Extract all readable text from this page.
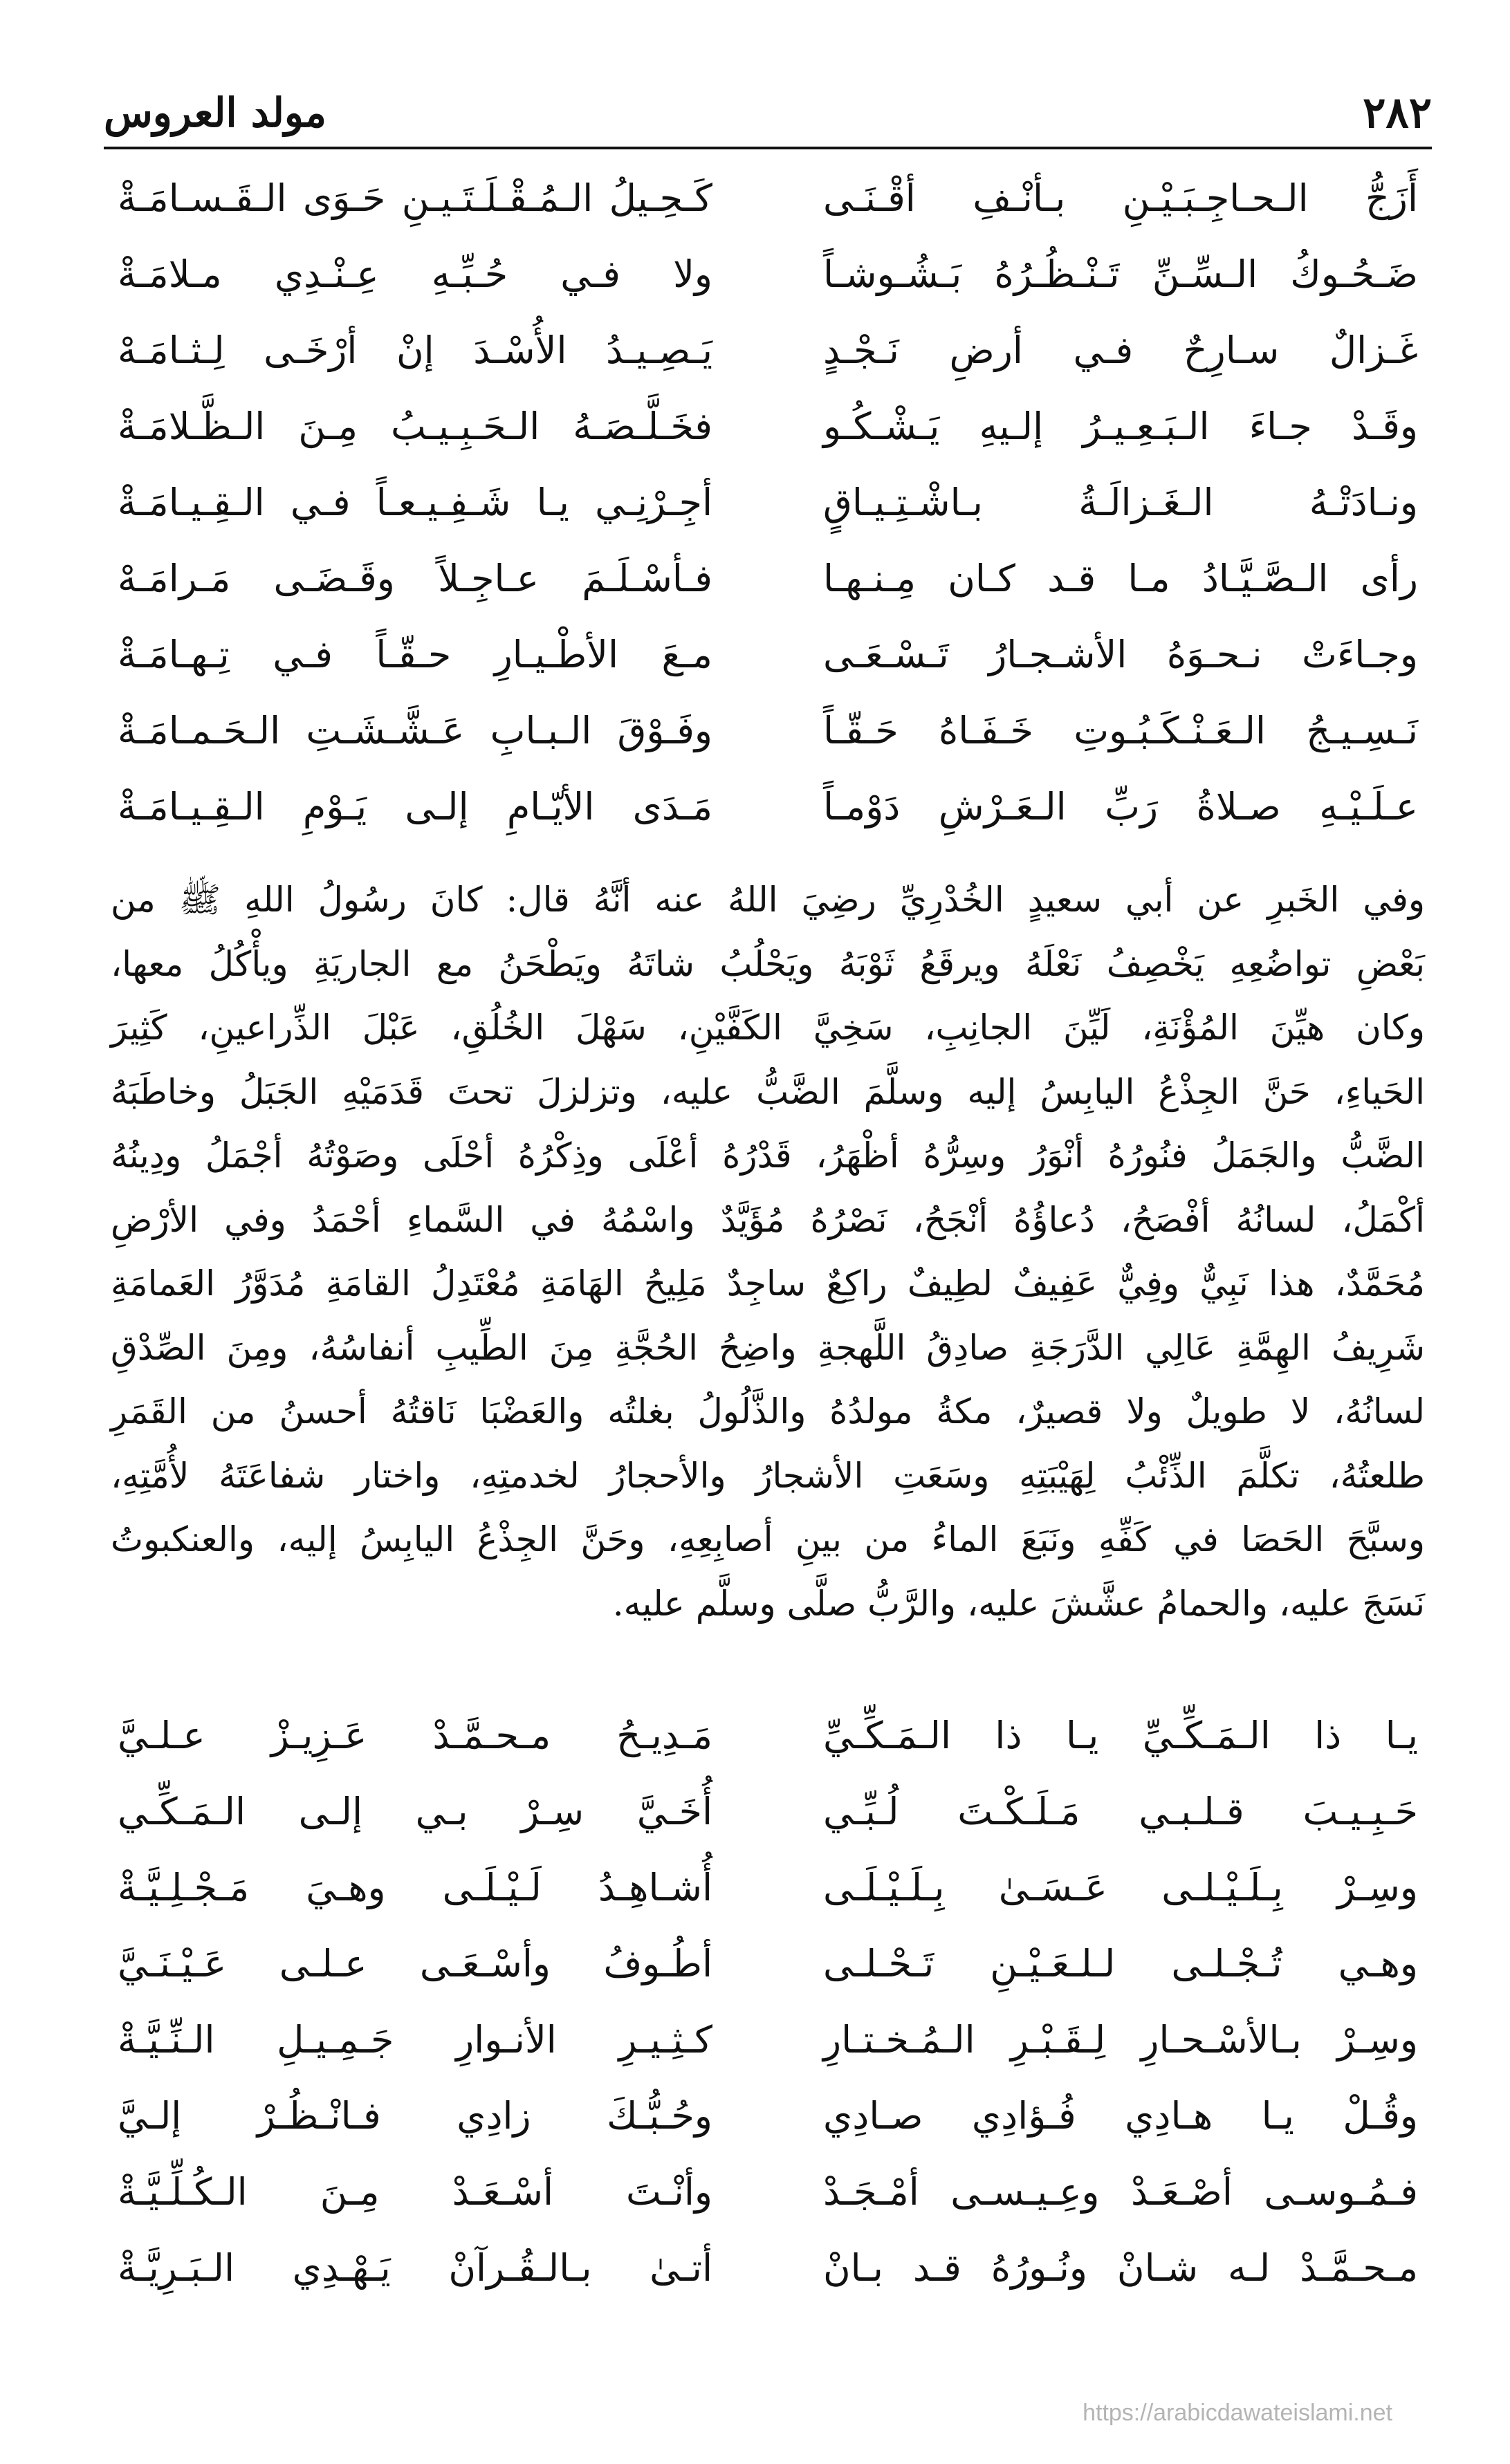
٢٨٢
مولد العروس
أَزَجُّ الـحـاجِـبَـيْـنِ بـأنْـفِ أقْـنَـى
كَـحِـيلُ الـمُـقْـلَـتَـيـنِ حَـوَى الـقَـسـامَـةْ
ضَـحُـوكُ الـسِّـنِّ تَـنْـظُـرُهُ بَـشُـوشـاً
ولا فـي حُـبِّـهِ عِـنْـدِي مـلامَـةْ
غَـزالٌ سـارِحٌ فـي أرضِ نَـجْـدٍ
يَـصِـيـدُ الأُسْـدَ إنْ أرْخَـى لِـثـامَـهْ
وقَـدْ جـاءَ الـبَـعِـيـرُ إلـيهِ يَـشْـكُـو
فخَـلَّـصَـهُ الـحَـبِـيـبُ مِـنَ الـظَّـلامَـةْ
ونـادَتْـهُ الـغَـزالَـةُ بـاشْـتِـيـاقٍ
أجِـرْنِـي يـا شَـفِـيـعـاً فـي الـقِـيـامَـةْ
رأى الـصَّـيَّـادُ مـا قـد كـان مِـنـهـا
فـأسْـلَـمَ عـاجِـلاً وقَـضَـى مَـرامَـهْ
وجـاءَتْ نـحـوَهُ الأشـجـارُ تَـسْـعَـى
مـعَ الأطْـيـارِ حـقّـاً فـي تِـهـامَـةْ
نَـسِـيـجُ الـعَـنْـكَـبُـوتِ خَـفَـاهُ حَـقّـاً
وفَـوْقَ الـبـابِ عَـشَّـشَـتِ الـحَـمـامَـةْ
عـلَـيْـهِ صـلاةُ رَبِّ الـعَـرْشِ دَوْمـاً
مَـدَى الأيّـامِ إلـى يَـوْمِ الـقِـيـامَـةْ
وفي الخَبرِ عن أبي سعيدٍ الخُدْرِيِّ رضِيَ اللهُ عنه أنَّهُ قال: كانَ رسُولُ اللهِ ﷺ من
بَعْضِ تواضُعِهِ يَخْصِفُ نَعْلَهُ ويرقَعُ ثَوْبَهُ ويَحْلُبُ شاتَهُ ويَطْحَنُ مع الجاريَةِ ويأْكُلُ معها،
وكان هيِّنَ المُؤْنَةِ، لَيِّنَ الجانِبِ، سَخِيَّ الكَفَّيْنِ، سَهْلَ الخُلُقِ، عَبْلَ الذِّراعينِ، كَثِيرَ
الحَياءِ، حَنَّ الجِذْعُ اليابِسُ إليه وسلَّمَ الضَّبُّ عليه، وتزلزلَ تحتَ قَدَمَيْهِ الجَبَلُ وخاطَبَهُ
الضَّبُّ والجَمَلُ فنُورُهُ أنْوَرُ وسِرُّهُ أظْهَرُ، قَدْرُهُ أعْلَى وذِكْرُهُ أحْلَى وصَوْتُهُ أجْمَلُ ودِينُهُ
أكْمَلُ، لسانُهُ أفْصَحُ، دُعاؤُهُ أنْجَحُ، نَصْرُهُ مُؤَيَّدٌ واسْمُهُ في السَّماءِ أحْمَدُ وفي الأرْضِ
مُحَمَّدٌ، هذا نَبِيٌّ وفِيٌّ عَفِيفٌ لطِيفٌ راكِعٌ ساجِدٌ مَلِيحُ الهَامَةِ مُعْتَدِلُ القامَةِ مُدَوَّرُ العَمامَةِ
شَرِيفُ الهِمَّةِ عَالِي الدَّرَجَةِ صادِقُ اللَّهجةِ واضِحُ الحُجَّةِ مِنَ الطِّيبِ أنفاسُهُ، ومِنَ الصِّدْقِ
لسانُهُ، لا طويلٌ ولا قصيرٌ، مكةُ مولدُهُ والذَّلُولُ بغلتُه والعَضْبَا نَاقتُهُ أحسنُ من القَمَرِ
طلعتُهُ، تكلَّمَ الذِّئْبُ لِهَيْبَتِهِ وسَعَتِ الأشجارُ والأحجارُ لخدمتِهِ، واختار شفاعَتَهُ لأُمَّتِهِ،
وسبَّحَ الحَصَا في كَفِّهِ ونَبَعَ الماءُ من بينِ أصابِعِهِ، وحَنَّ الجِذْعُ اليابِسُ إليه، والعنكبوتُ
نَسَجَ عليه، والحمامُ عشَّشَ عليه، والرَّبُّ صلَّى وسلَّم عليه.
يـا ذا الـمَـكِّـيِّ يـا ذا الـمَـكِّـيِّ
مَـدِيـحُ مـحـمَّـدْ عَـزِيـزْ عـلـيَّ
حَـبِـيـبَ قـلـبـي مَـلَـكْـتَ لُـبِّـي
أُخَـيَّ سِـرْ بـي إلـى الـمَـكِّـي
وسِـرْ بِـلَـيْـلـى عَـسَـىٰ بِـلَـيْـلَـى
أُشـاهِـدُ لَـيْـلَـى وهـيَ مَـجْـلِـيَّـةْ
وهـي تُـجْـلـى لـلـعَـيْـنِ تَـحْـلـى
أطُـوفُ وأسْـعَـى عـلـى عَـيْـنَـيَّ
وسِـرْ بـالأسْـحـارِ لِـقَـبْـرِ الـمُـخـتـارِ
كـثِـيـرِ الأنـوارِ جَـمِـيـلِ الـنِّـيَّـةْ
وقُـلْ يـا هـادِي فُـؤادِي صـادِي
وحُـبُّـكَ زادِي فـانْـظُـرْ إلـيَّ
فـمُـوسـى أصْـعَـدْ وعِـيـسـى أمْـجَـدْ
وأنْـتَ أسْـعَـدْ مِـنَ الـكُـلِّـيَّـةْ
مـحـمَّـدْ لـه شـانْ ونُـورُهُ قـد بـانْ
أتـىٰ بـالـقُـرآنْ يَـهْـدِي الـبَـرِيَّـةْ
https://arabicdawateislami.net
